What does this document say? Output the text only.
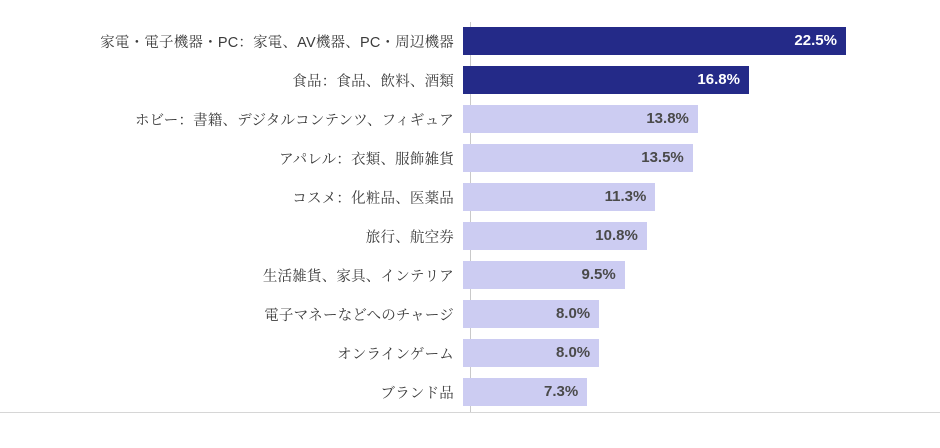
家電・電子機器・PC：家電、AV機器、PC・周辺機器	22.5%
食品：食品、飲料、酒類	16.8%
ホビー：書籍、デジタルコンテンツ、フィギュア	13.8%
アパレル：衣類、服飾雑貨	13.5%
コスメ：化粧品、医薬品	11.3%
旅行、航空券	10.8%
生活雑貨、家具、インテリア	9.5%
電子マネーなどへのチャージ	8.0%
オンラインゲーム	8.0%
ブランド品	7.3%
